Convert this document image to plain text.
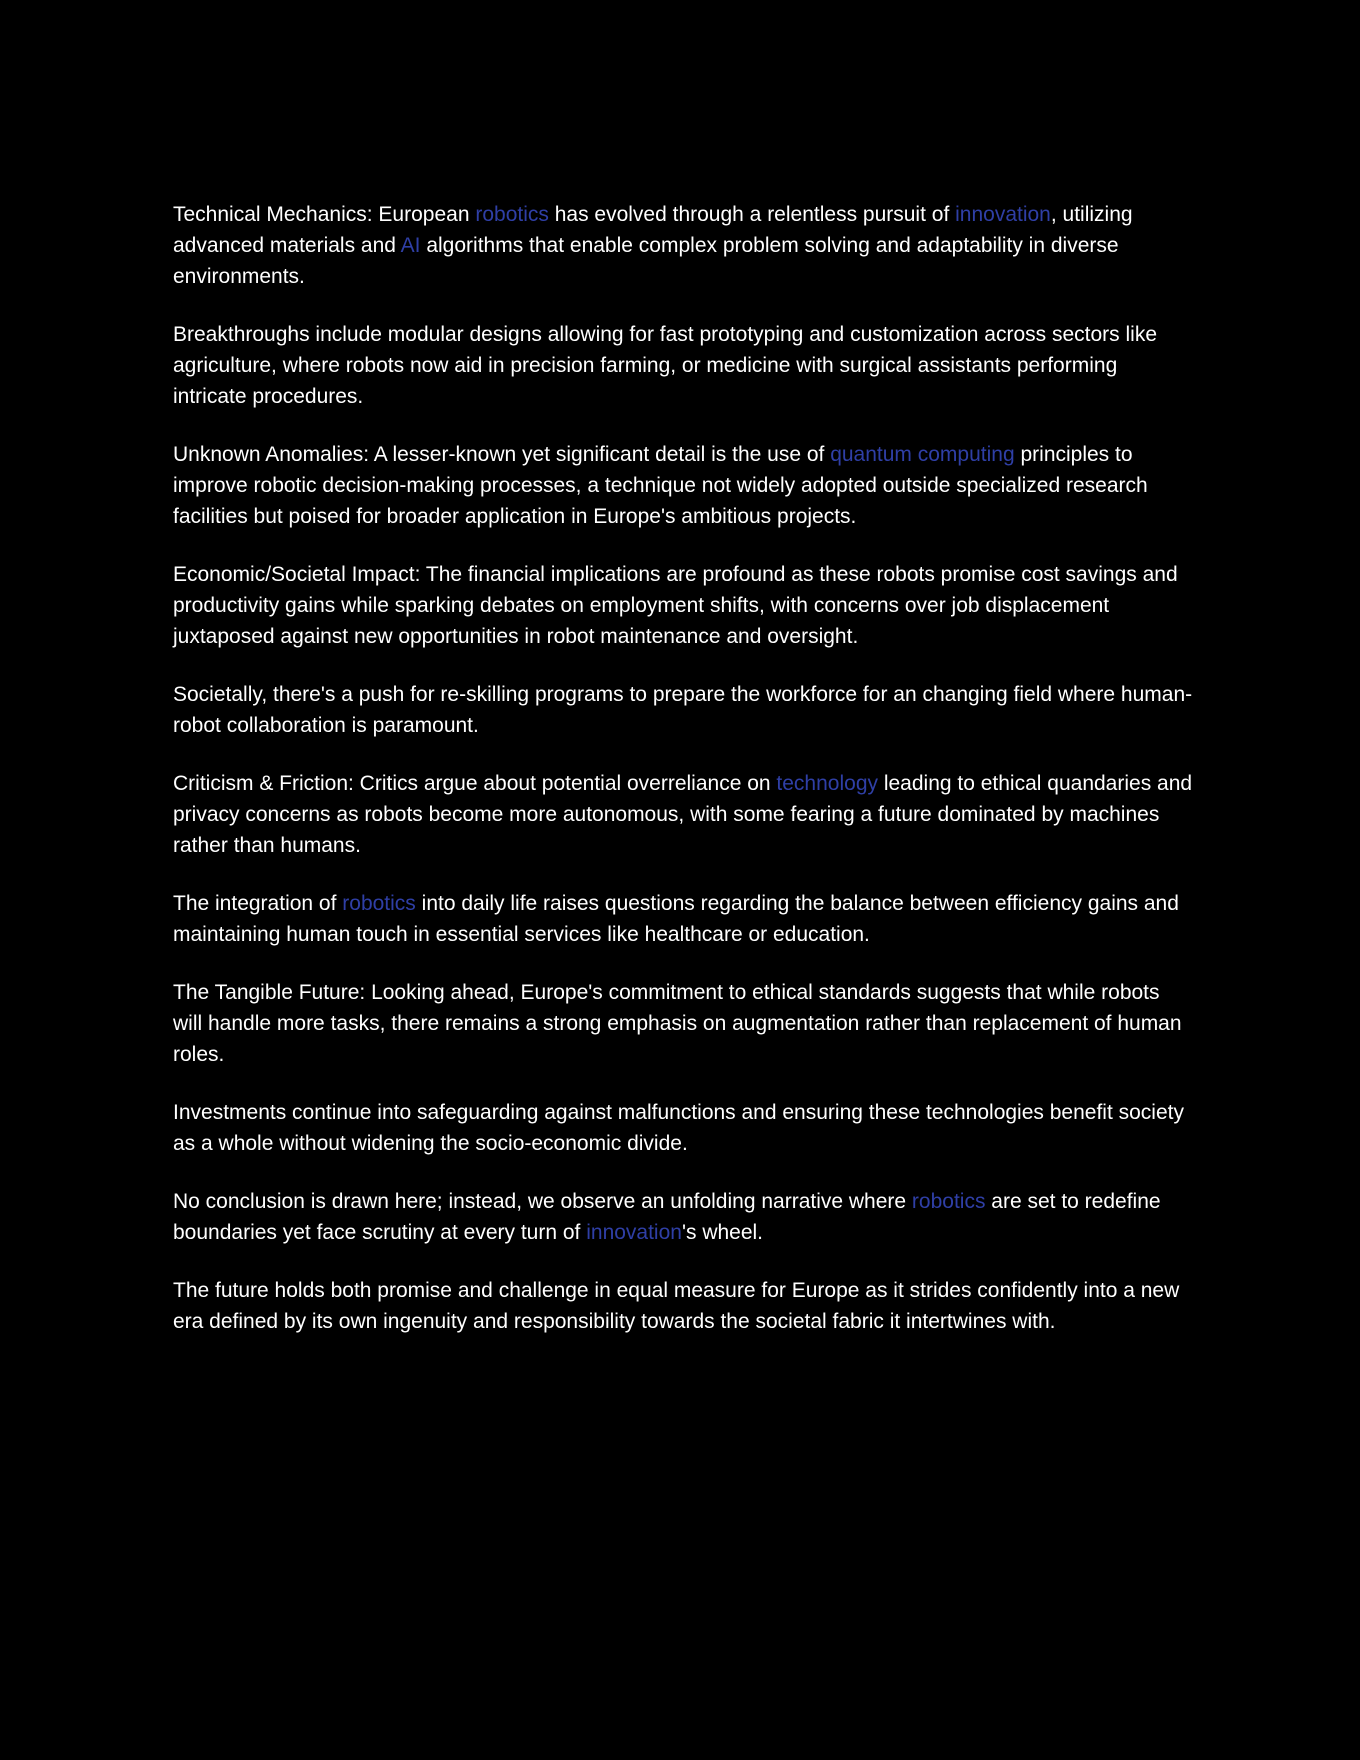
Technical Mechanics: European robotics has evolved through a relentless pursuit of innovation, utilizing advanced materials and AI algorithms that enable complex problem solving and adaptability in diverse environments.

Breakthroughs include modular designs allowing for fast prototyping and customization across sectors like agriculture, where robots now aid in precision farming, or medicine with surgical assistants performing intricate procedures.

Unknown Anomalies: A lesser-known yet significant detail is the use of quantum computing principles to improve robotic decision-making processes, a technique not widely adopted outside specialized research facilities but poised for broader application in Europe's ambitious projects.

Economic/Societal Impact: The financial implications are profound as these robots promise cost savings and productivity gains while sparking debates on employment shifts, with concerns over job displacement juxtaposed against new opportunities in robot maintenance and oversight.

Societally, there's a push for re-skilling programs to prepare the workforce for an changing field where human-robot collaboration is paramount.

Criticism & Friction: Critics argue about potential overreliance on technology leading to ethical quandaries and privacy concerns as robots become more autonomous, with some fearing a future dominated by machines rather than humans.

The integration of robotics into daily life raises questions regarding the balance between efficiency gains and maintaining human touch in essential services like healthcare or education.

The Tangible Future: Looking ahead, Europe's commitment to ethical standards suggests that while robots will handle more tasks, there remains a strong emphasis on augmentation rather than replacement of human roles.

Investments continue into safeguarding against malfunctions and ensuring these technologies benefit society as a whole without widening the socio-economic divide.

No conclusion is drawn here; instead, we observe an unfolding narrative where robotics are set to redefine boundaries yet face scrutiny at every turn of innovation's wheel.

The future holds both promise and challenge in equal measure for Europe as it strides confidently into a new era defined by its own ingenuity and responsibility towards the societal fabric it intertwines with.
